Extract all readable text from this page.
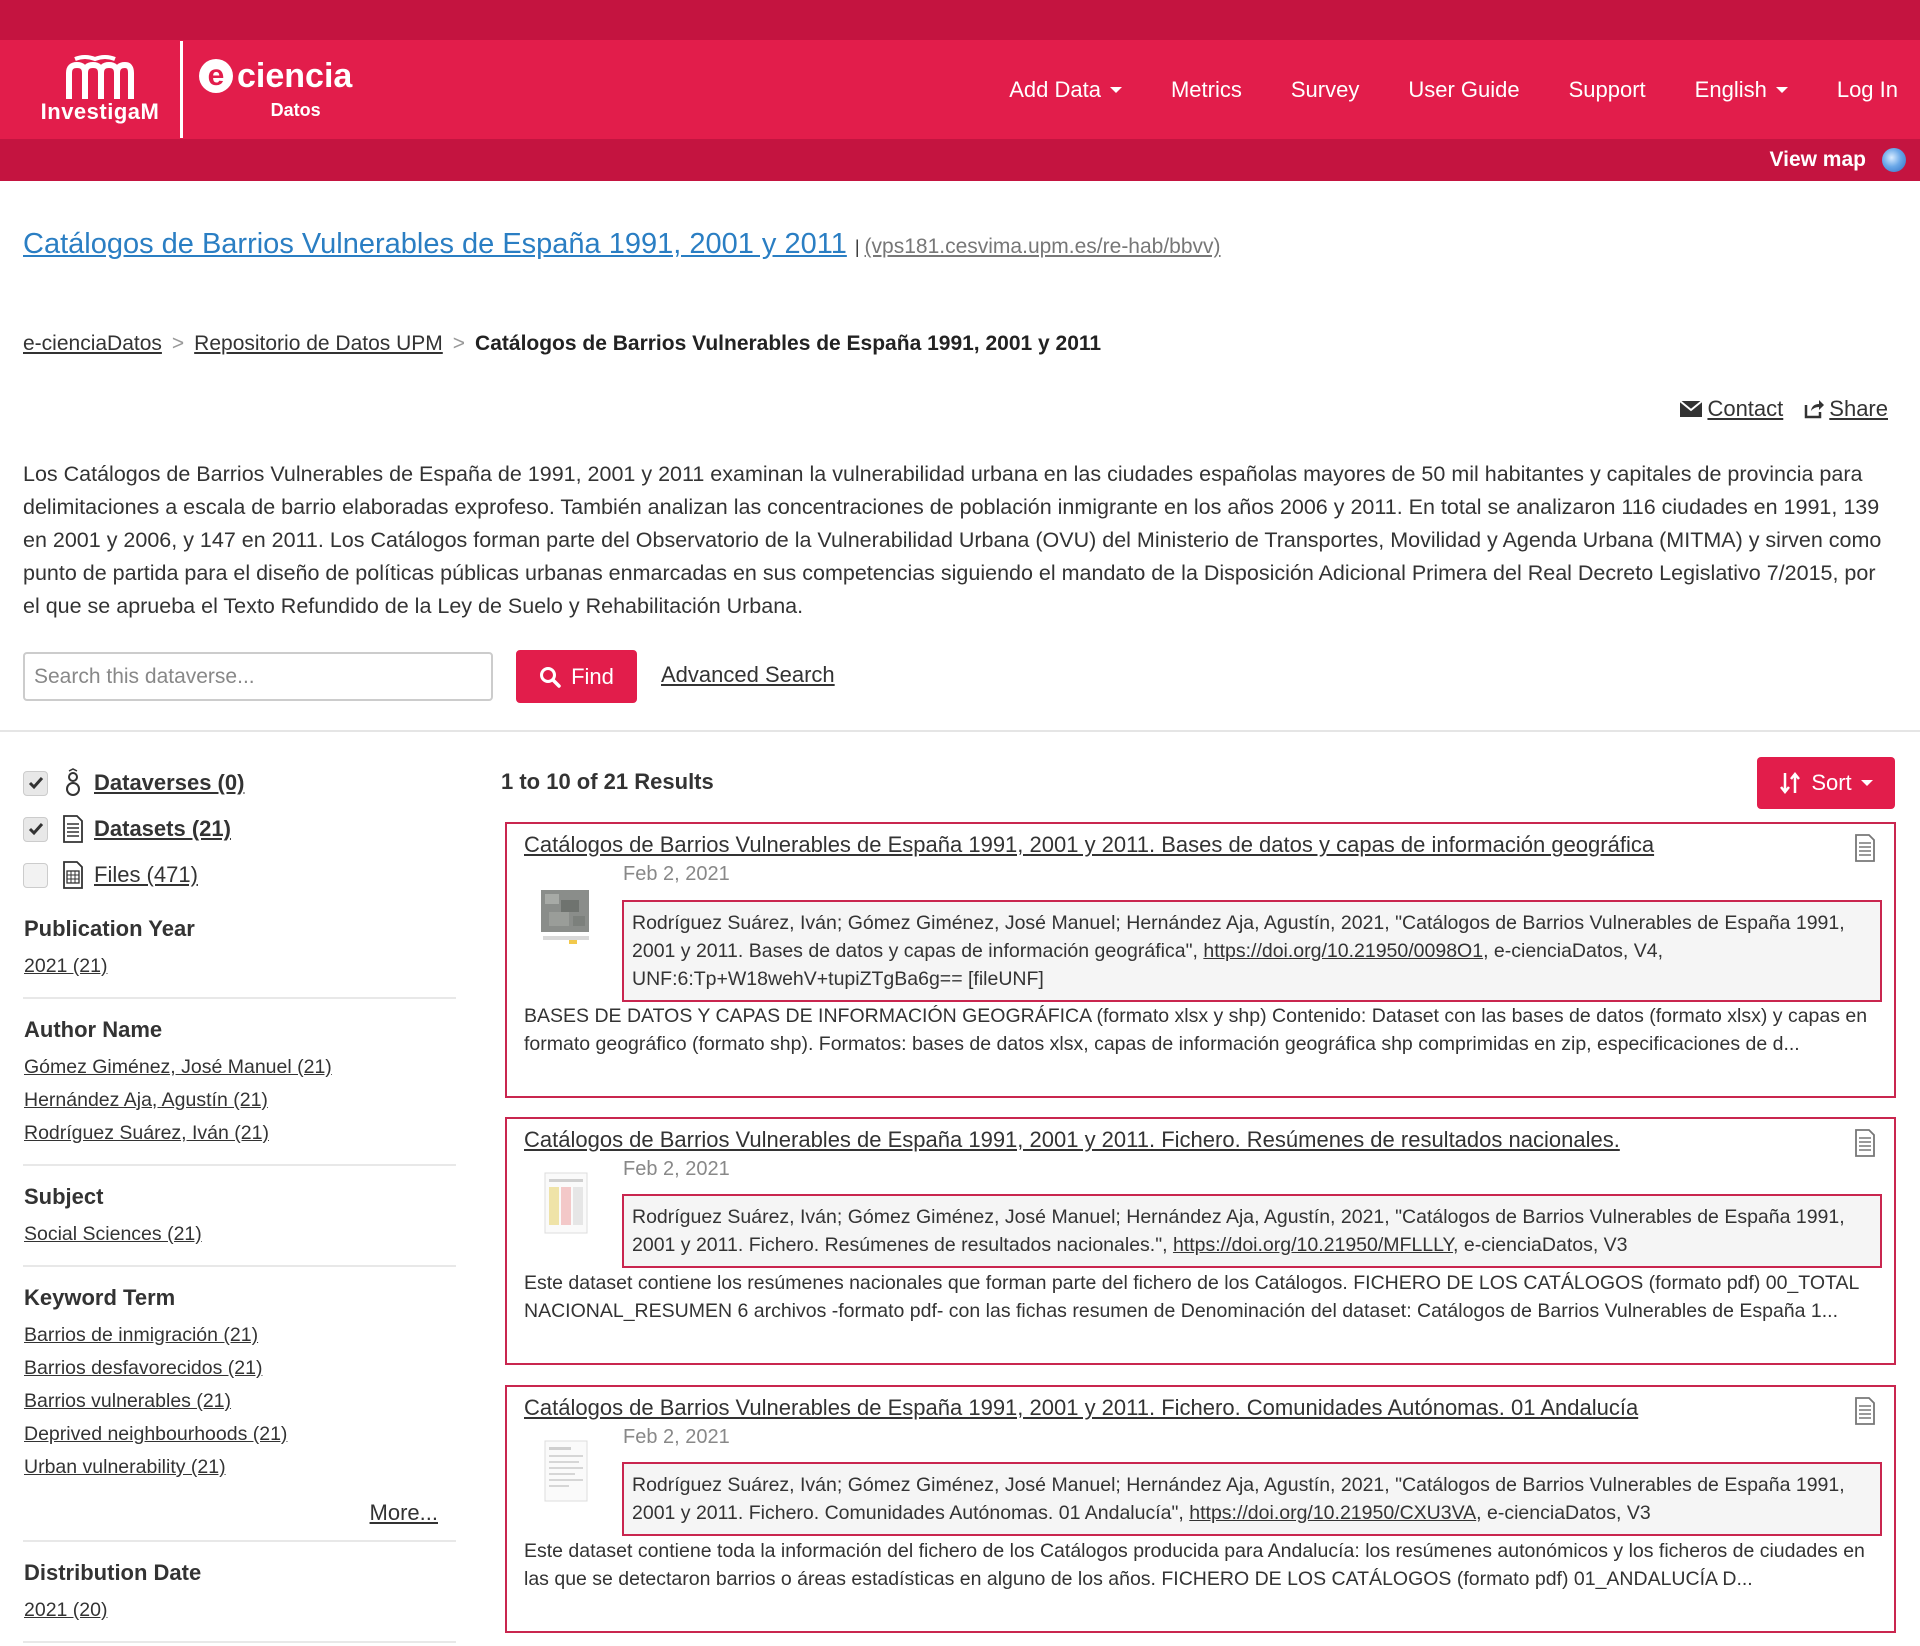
InvestigaM
e ciencia
Datos
Add Data	Metrics Survey User Guide Support English	Log In
View map
Catálogos de Barrios Vulnerables de España 1991, 2001 y 2011 | (vps181.cesvima.upm.es/re-hab/bbvv)
e-cienciaDatos > Repositorio de Datos UPM > Catálogos de Barrios Vulnerables de España 1991, 2001 y 2011
Contact Share
Los Catálogos de Barrios Vulnerables de España de 1991, 2001 y 2011 examinan la vulnerabilidad urbana en las ciudades españolas mayores de 50 mil habitantes y capitales de provincia para delimitaciones a escala de barrio elaboradas exprofeso. También analizan las concentraciones de población inmigrante en los años 2006 y 2011. En total se analizaron 116 ciudades en 1991, 139 en 2001 y 2006, y 147 en 2011. Los Catálogos forman parte del Observatorio de la Vulnerabilidad Urbana (OVU) del Ministerio de Transportes, Movilidad y Agenda Urbana (MITMA) y sirven como punto de partida para el diseño de políticas públicas urbanas enmarcadas en sus competencias siguiendo el mandato de la Disposición Adicional Primera del Real Decreto Legislativo 7/2015, por el que se aprueba el Texto Refundido de la Ley de Suelo y Rehabilitación Urbana.
Search this dataverse...
Find Advanced Search
Dataverses (0)
Datasets (21)
Files (471)
Publication Year
2021 (21)
Author Name
Gómez Giménez, José Manuel (21)
Hernández Aja, Agustín (21)
Rodríguez Suárez, Iván (21)
Subject
Social Sciences (21)
Keyword Term
Barrios de inmigración (21)
Barrios desfavorecidos (21)
Barrios vulnerables (21)
Deprived neighbourhoods (21)
Urban vulnerability (21)
More...
Distribution Date
2021 (20)
1 to 10 of 21 Results	Sort
Catálogos de Barrios Vulnerables de España 1991, 2001 y 2011. Bases de datos y capas de información geográfica
Feb 2, 2021
Rodríguez Suárez, Iván; Gómez Giménez, José Manuel; Hernández Aja, Agustín, 2021, "Catálogos de Barrios Vulnerables de España 1991, 2001 y 2011. Bases de datos y capas de información geográfica", https://doi.org/10.21950/0098O1, e-cienciaDatos, V4, UNF:6:Tp+W18wehV+tupiZTgBa6g== [fileUNF]
BASES DE DATOS Y CAPAS DE INFORMACIÓN GEOGRÁFICA (formato xlsx y shp) Contenido: Dataset con las bases de datos (formato xlsx) y capas en formato geográfico (formato shp). Formatos: bases de datos xlsx, capas de información geográfica shp comprimidas en zip, especificaciones de d...
Catálogos de Barrios Vulnerables de España 1991, 2001 y 2011. Fichero. Resúmenes de resultados nacionales.
Feb 2, 2021
Rodríguez Suárez, Iván; Gómez Giménez, José Manuel; Hernández Aja, Agustín, 2021, "Catálogos de Barrios Vulnerables de España 1991, 2001 y 2011. Fichero. Resúmenes de resultados nacionales.", https://doi.org/10.21950/MFLLLY, e-cienciaDatos, V3
Este dataset contiene los resúmenes nacionales que forman parte del fichero de los Catálogos. FICHERO DE LOS CATÁLOGOS (formato pdf) 00_TOTAL NACIONAL_RESUMEN 6 archivos -formato pdf- con las fichas resumen de Denominación del dataset: Catálogos de Barrios Vulnerables de España 1...
Catálogos de Barrios Vulnerables de España 1991, 2001 y 2011. Fichero. Comunidades Autónomas. 01 Andalucía
Feb 2, 2021
Rodríguez Suárez, Iván; Gómez Giménez, José Manuel; Hernández Aja, Agustín, 2021, "Catálogos de Barrios Vulnerables de España 1991, 2001 y 2011. Fichero. Comunidades Autónomas. 01 Andalucía", https://doi.org/10.21950/CXU3VA, e-cienciaDatos, V3
Este dataset contiene toda la información del fichero de los Catálogos producida para Andalucía: los resúmenes autonómicos y los ficheros de ciudades en las que se detectaron barrios o áreas estadísticas en alguno de los años. FICHERO DE LOS CATÁLOGOS (formato pdf) 01_ANDALUCÍA D...
